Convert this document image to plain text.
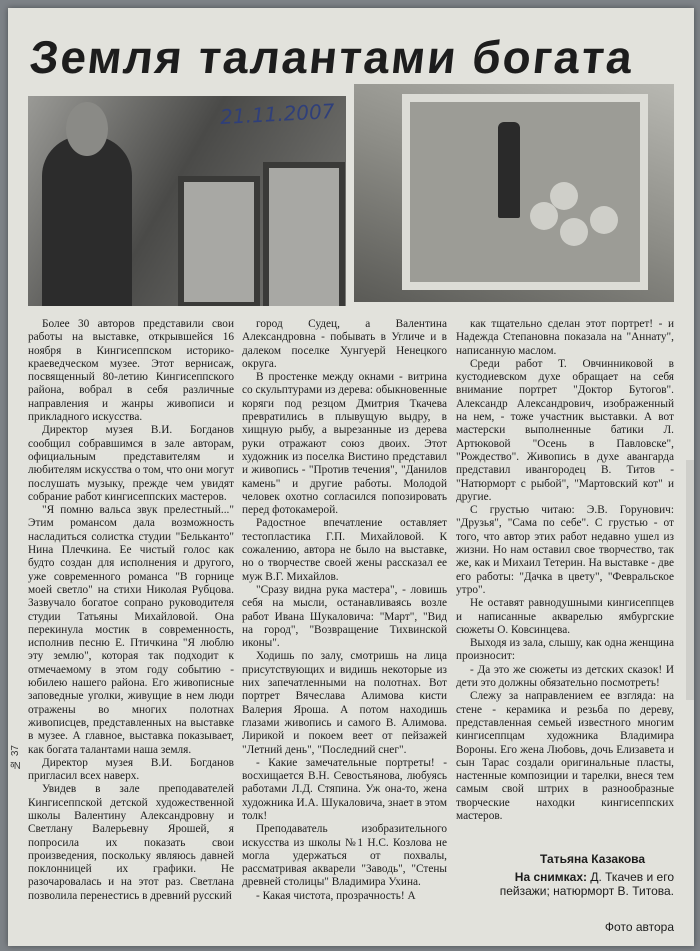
Земля талантами богата
21.11.2007
№ 37

Более 30 авторов представили свои работы на выставке, открывшейся 16 ноября в Кингисеппском историко-краеведческом музее. Этот вернисаж, посвященный 80-летию Кингисеппского района, вобрал в себя различные направления и жанры живописи и прикладного искусства.

Директор музея В.И. Богданов сообщил собравшимся в зале авторам, официальным представителям и любителям искусства о том, что они могут послушать музыку, прежде чем увидят собрание работ кингисеппских мастеров.

"Я помню вальса звук прелестный..." Этим романсом дала возможность насладиться солистка студии "Бельканто" Нина Плечкина. Ее чистый голос как будто создан для исполнения и другого, уже современного романса "В горнице моей светло" на стихи Николая Рубцова. Зазвучало богатое сопрано руководителя студии Татьяны Михайловой. Она перекинула мостик в современность, исполнив песню Е. Птичкина "Я люблю эту землю", которая так подходит к отмечаемому в этом году событию - юбилею нашего района. Его живописные заповедные уголки, живущие в нем люди отражены во многих полотнах живописцев, представленных на выставке в музее. А главное, выставка показывает, как богата талантами наша земля.

Директор музея В.И. Богданов пригласил всех наверх.

Увидев в зале преподавателей Кингисеппской детской художественной школы Валентину Александровну и Светлану Валерьевну Ярошей, я попросила их показать свои произведения, поскольку являюсь давней поклонницей их графики. Не разочаровалась и на этот раз. Светлана позволила перенестись в древний русский

город Судец, а Валентина Александровна - побывать в Угличе и в далеком поселке Хунгуерй Ненецкого округа.

В простенке между окнами - витрина со скульптурами из дерева: обыкновенные коряги под резцом Дмитрия Ткачева превратились в плывущую выдру, в хищную рыбу, а вырезанные из дерева руки отражают союз двоих. Этот художник из поселка Вистино представил и живопись - "Против течения", "Данилов камень" и другие работы. Молодой человек охотно согласился попозировать перед фотокамерой.

Радостное впечатление оставляет тестопластика Г.П. Михайловой. К сожалению, автора не было на выставке, но о творчестве своей жены рассказал ее муж В.Г. Михайлов.

"Сразу видна рука мастера", - ловишь себя на мысли, останавливаясь возле работ Ивана Шукаловича: "Март", "Вид на город", "Возвращение Тихвинской иконы".

Ходишь по залу, смотришь на лица присутствующих и видишь некоторые из них запечатленными на полотнах. Вот портрет Вячеслава Алимова кисти Валерия Ярошa. А потом находишь глазами живопись и самого В. Алимова. Лирикой и покоем веет от пейзажей "Летний день", "Последний снег".

- Какие замечательные портреты! - восхищается В.Н. Севостьянова, любуясь работами Л.Д. Стяпина. Уж она-то, жена художника И.А. Шукаловича, знает в этом толк!

Преподаватель изобразительного искусства из школы №1 Н.С. Козлова не могла удержаться от похвалы, рассматривая акварели "Заводь", "Стены древней столицы" Владимира Ухина.

- Какая чистота, прозрачность! А

как тщательно сделан этот портрет! - и Надежда Степановна показала на "Аннату", написанную маслом.

Среди работ Т. Овчинниковой в кустодиевском духе обращает на себя внимание портрет "Доктор Бутогов". Александр Александрович, изображенный на нем, - тоже участник выставки. А вот мастерски выполненные батики Л. Артюковой "Осень в Павловске", "Рождество". Живопись в духе авангарда представил ивангородец В. Титов - "Натюрморт с рыбой", "Мартовский кот" и другие.

С грустью читаю: Э.В. Горунович: "Друзья", "Сама по себе". С грустью - от того, что автор этих работ недавно ушел из жизни. Но нам оставил свое творчество, так же, как и Михаил Тетерин. На выставке - две его работы: "Дачка в цвету", "Февральское утро".

Не оставят равнодушными кингисеппцев и написанные акварелью ямбургские сюжеты О. Ковсинцева.

Выходя из зала, слышу, как одна женщина произносит:

- Да это же сюжеты из детских сказок! И дети это должны обязательно посмотреть!

Слежу за направлением ее взгляда: на стене - керамика и резьба по дереву, представленная семьей известного многим кингисеппцам художника Владимира Вороны. Его жена Любовь, дочь Елизавета и сын Тарас создали оригинальные пласты, настенные композиции и тарелки, внеся тем самым свой штрих в разнообразные творческие находки кингисеппских мастеров.

Татьяна Казакова
На снимках: Д. Ткачев и его пейзажи; натюрморт В. Титова.
Фото автора
